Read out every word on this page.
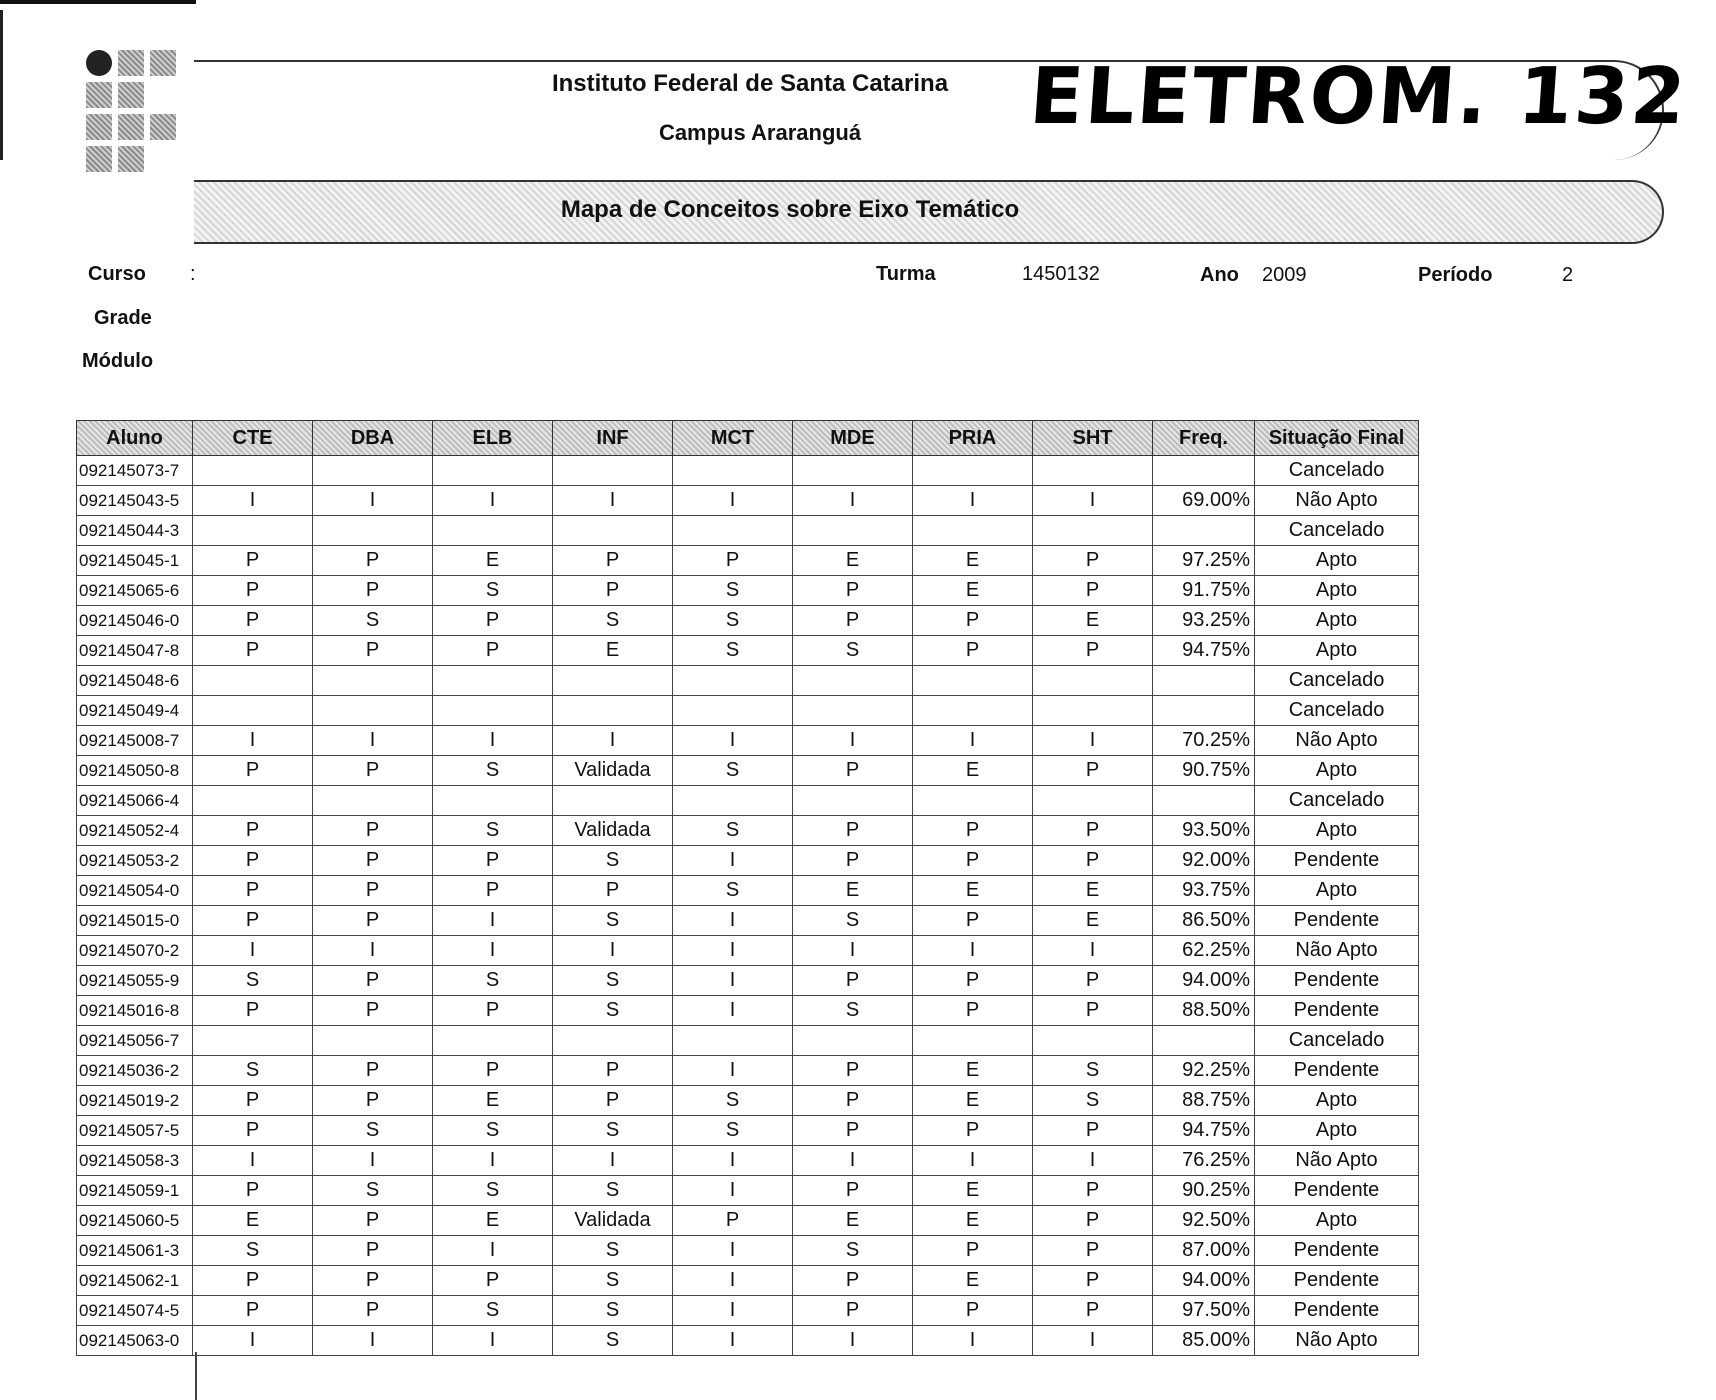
Instituto Federal de Santa Catarina
Campus Araranguá	ELETROM. 132
Mapa de Conceitos sobre Eixo Temático
Curso :
Grade
Módulo
Turma	1450132	Ano 2009	Período	2
Aluno	CTE	DBA	ELB	INF	MCT	MDE	PRIA	SHT	Freq.	Situação Final
092145073-7										Cancelado
092145043-5	I	I	I	I	I	I	I	I	69.00%	Não Apto
092145044-3										Cancelado
092145045-1	P	P	E	P	P	E	E	P	97.25%	Apto
092145065-6	P	P	S	P	S	P	E	P	91.75%	Apto
092145046-0	P	S	P	S	S	P	P	E	93.25%	Apto
092145047-8	P	P	P	E	S	S	P	P	94.75%	Apto
092145048-6										Cancelado
092145049-4										Cancelado
092145008-7	I	I	I	I	I	I	I	I	70.25%	Não Apto
092145050-8	P	P	S	Validada	S	P	E	P	90.75%	Apto
092145066-4										Cancelado
092145052-4	P	P	S	Validada	S	P	P	P	93.50%	Apto
092145053-2	P	P	P	S	I	P	P	P	92.00%	Pendente
092145054-0	P	P	P	P	S	E	E	E	93.75%	Apto
092145015-0	P	P	I	S	I	S	P	E	86.50%	Pendente
092145070-2	I	I	I	I	I	I	I	I	62.25%	Não Apto
092145055-9	S	P	S	S	I	P	P	P	94.00%	Pendente
092145016-8	P	P	P	S	I	S	P	P	88.50%	Pendente
092145056-7										Cancelado
092145036-2	S	P	P	P	I	P	E	S	92.25%	Pendente
092145019-2	P	P	E	P	S	P	E	S	88.75%	Apto
092145057-5	P	S	S	S	S	P	P	P	94.75%	Apto
092145058-3	I	I	I	I	I	I	I	I	76.25%	Não Apto
092145059-1	P	S	S	S	I	P	E	P	90.25%	Pendente
092145060-5	E	P	E	Validada	P	E	E	P	92.50%	Apto
092145061-3	S	P	I	S	I	S	P	P	87.00%	Pendente
092145062-1	P	P	P	S	I	P	E	P	94.00%	Pendente
092145074-5	P	P	S	S	I	P	P	P	97.50%	Pendente
092145063-0	I	I	I	S	I	I	I	I	85.00%	Não Apto
